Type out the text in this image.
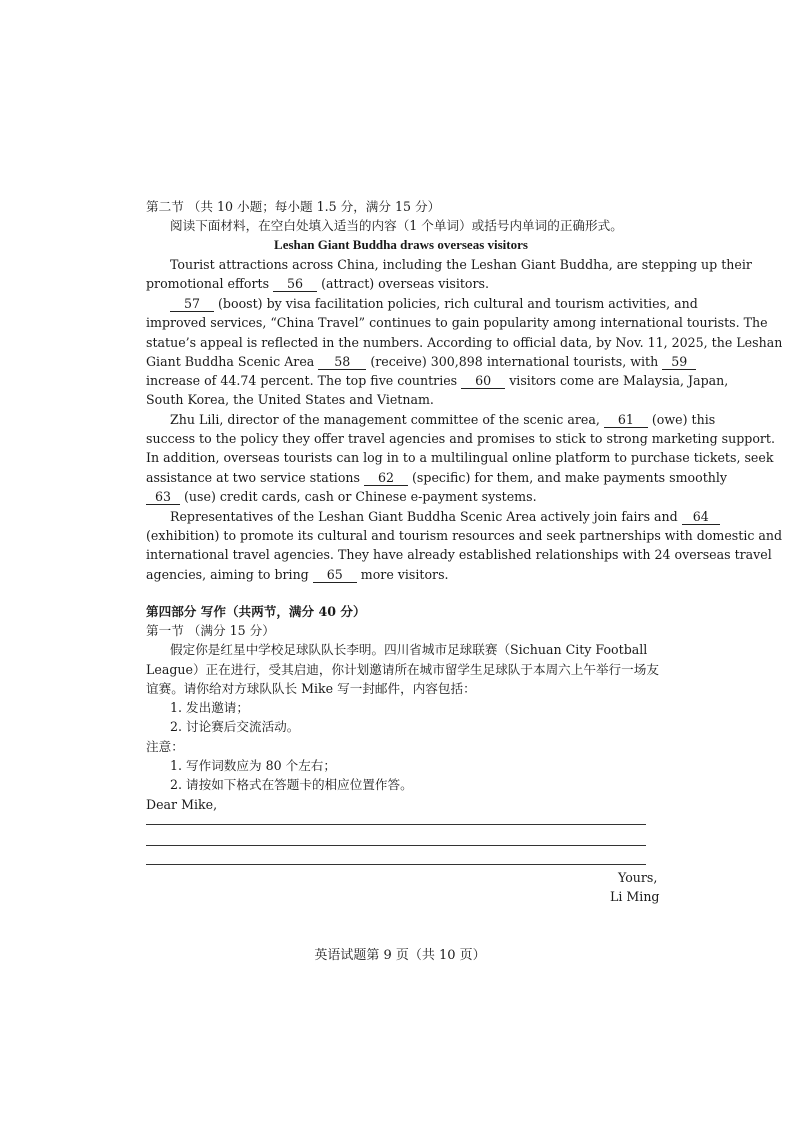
第二节 （共 10 小题；每小题 1.5 分，满分 15 分）
阅读下面材料，在空白处填入适当的内容（1 个单词）或括号内单词的正确形式。
Leshan Giant Buddha draws overseas visitors
Tourist attractions across China, including the Leshan Giant Buddha, are stepping up their
promotional efforts 56 (attract) overseas visitors.
57 (boost) by visa facilitation policies, rich cultural and tourism activities, and
improved services, “China Travel” continues to gain popularity among international tourists. The
statue’s appeal is reflected in the numbers. According to official data, by Nov. 11, 2025, the Leshan
Giant Buddha Scenic Area 58 (receive) 300,898 international tourists, with 59
increase of 44.74 percent. The top five countries 60 visitors come are Malaysia, Japan,
South Korea, the United States and Vietnam.
Zhu Lili, director of the management committee of the scenic area, 61 (owe) this
success to the policy they offer travel agencies and promises to stick to strong marketing support.
In addition, overseas tourists can log in to a multilingual online platform to purchase tickets, seek
assistance at two service stations 62 (specific) for them, and make payments smoothly
63 (use) credit cards, cash or Chinese e-payment systems.
Representatives of the Leshan Giant Buddha Scenic Area actively join fairs and 64
(exhibition) to promote its cultural and tourism resources and seek partnerships with domestic and
international travel agencies. They have already established relationships with 24 overseas travel
agencies, aiming to bring 65 more visitors.
第四部分 写作（共两节，满分 40 分）
第一节 （满分 15 分）
假定你是红星中学校足球队队长李明。四川省城市足球联赛（Sichuan City Football
League）正在进行，受其启迪，你计划邀请所在城市留学生足球队于本周六上午举行一场友
谊赛。请你给对方球队队长 Mike 写一封邮件，内容包括：
1. 发出邀请；
2. 讨论赛后交流活动。
注意：
1. 写作词数应为 80 个左右；
2. 请按如下格式在答题卡的相应位置作答。
Dear Mike,
Yours,
Li Ming
英语试题第 9 页（共 10 页）
